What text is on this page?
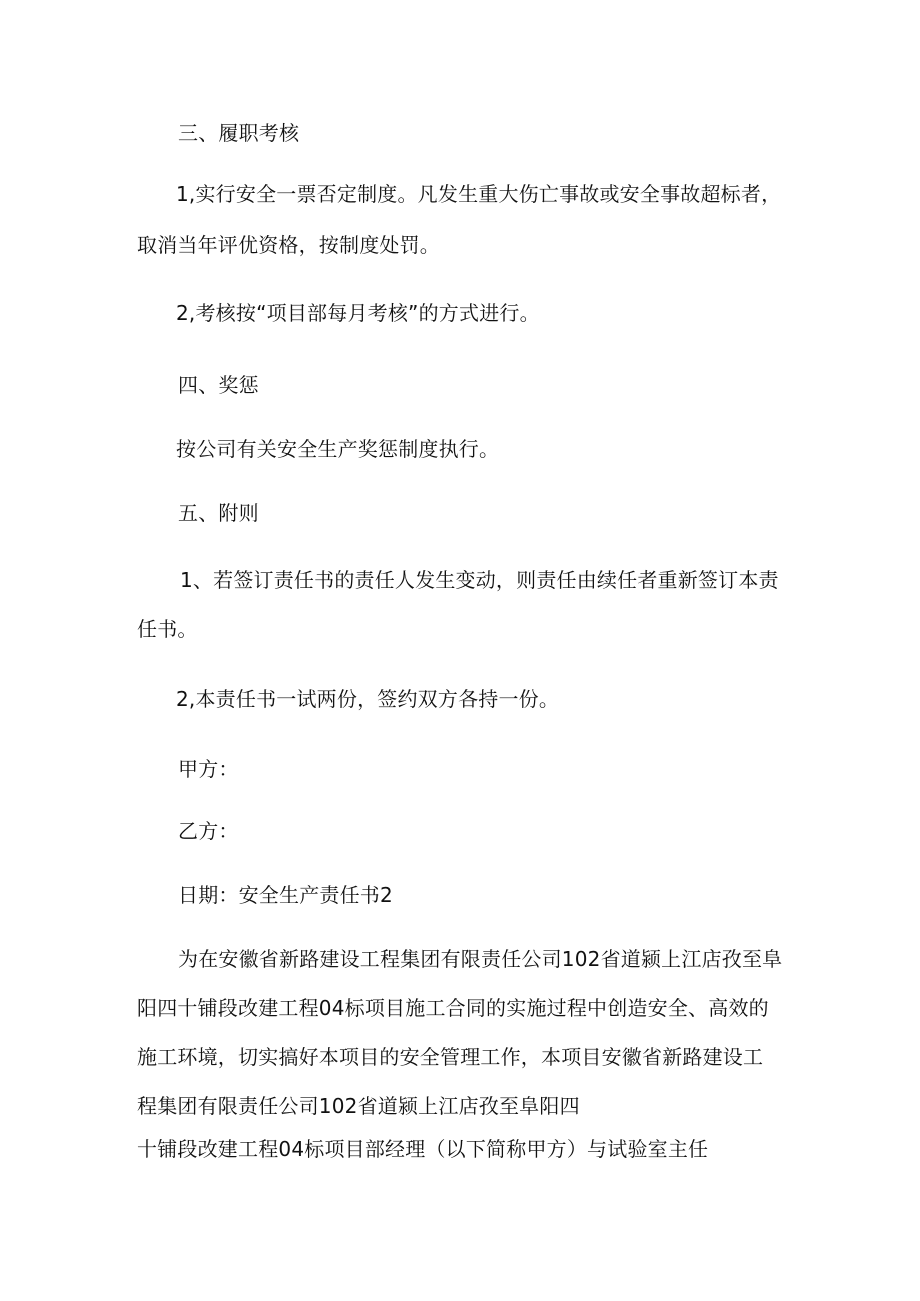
三、履职考核
1,实行安全一票否定制度。凡发生重大伤亡事故或安全事故超标者，
取消当年评优资格，按制度处罚。
2,考核按“项目部每月考核”的方式进行。
四、奖惩
按公司有关安全生产奖惩制度执行。
五、附则
1、若签订责任书的责任人发生变动，则责任由续任者重新签订本责
任书。
2,本责任书一试两份，签约双方各持一份。
甲方：
乙方：
日期：安全生产责任书2
为在安徽省新路建设工程集团有限责任公司102省道颍上江店孜至阜
阳四十铺段改建工程04标项目施工合同的实施过程中创造安全、高效的
施工环境，切实搞好本项目的安全管理工作，本项目安徽省新路建设工
程集团有限责任公司102省道颍上江店孜至阜阳四
十铺段改建工程04标项目部经理（以下简称甲方）与试验室主任
